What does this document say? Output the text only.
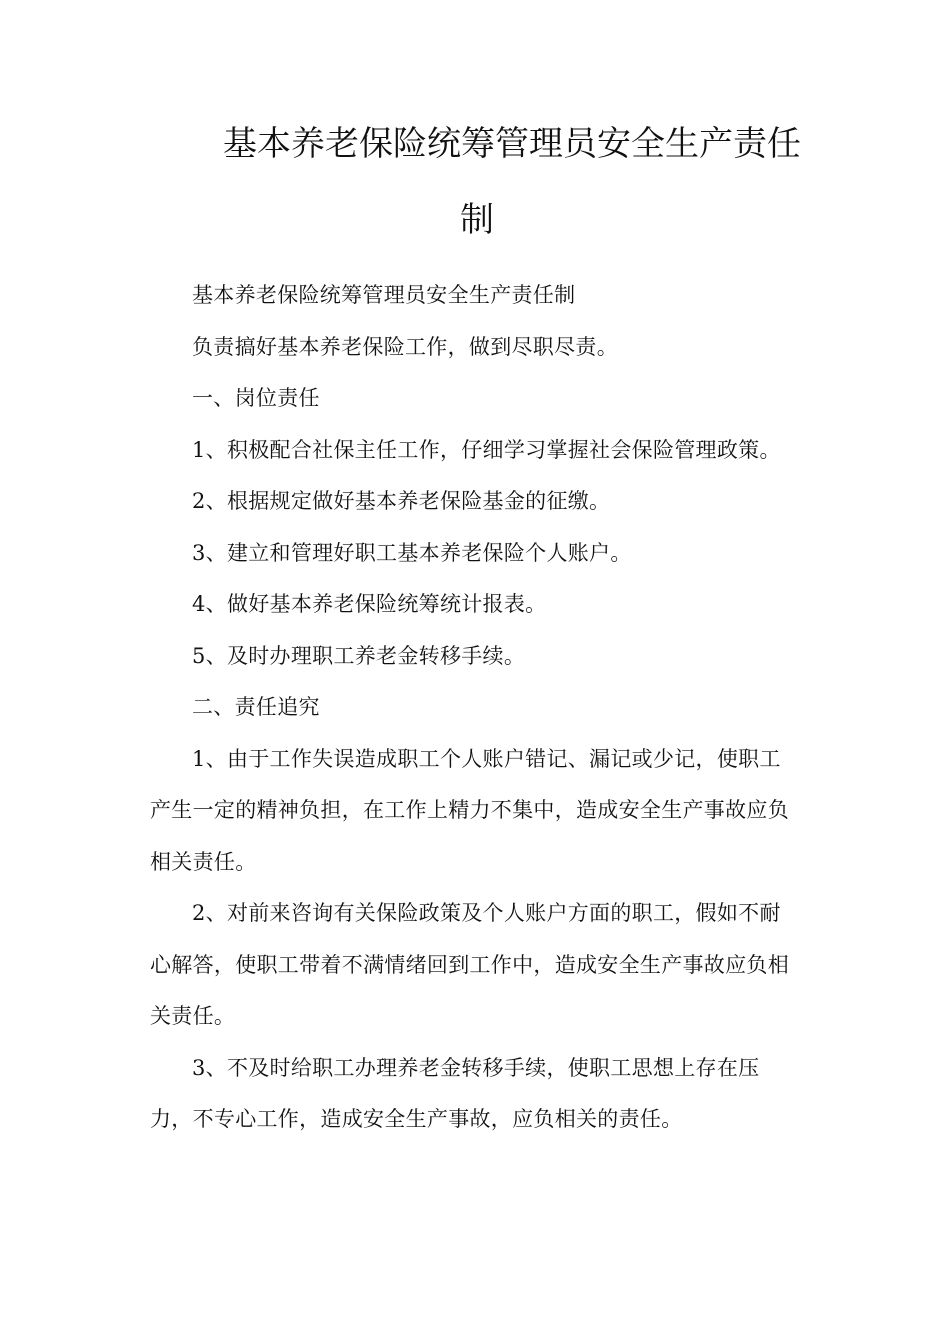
基本养老保险统筹管理员安全生产责任
制

基本养老保险统筹管理员安全生产责任制

负责搞好基本养老保险工作，做到尽职尽责。

一、岗位责任

1、积极配合社保主任工作，仔细学习掌握社会保险管理政策。

2、根据规定做好基本养老保险基金的征缴。

3、建立和管理好职工基本养老保险个人账户。

4、做好基本养老保险统筹统计报表。

5、及时办理职工养老金转移手续。

二、责任追究

1、由于工作失误造成职工个人账户错记、漏记或少记，使职工产生一定的精神负担，在工作上精力不集中，造成安全生产事故应负相关责任。

2、对前来咨询有关保险政策及个人账户方面的职工，假如不耐心解答，使职工带着不满情绪回到工作中，造成安全生产事故应负相关责任。

3、不及时给职工办理养老金转移手续，使职工思想上存在压力，不专心工作，造成安全生产事故，应负相关的责任。
